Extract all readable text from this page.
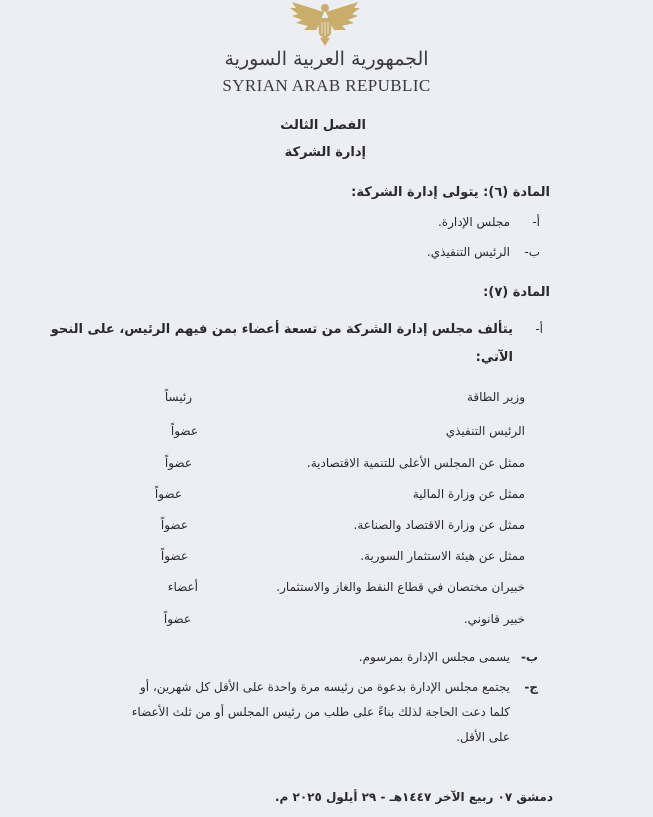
الجمهورية العربية السورية
SYRIAN ARAB REPUBLIC
الفصل الثالث
إدارة الشركة
المادة (٦): يتولى إدارة الشركة:
أ-
مجلس الإدارة.
ب-
الرئيس التنفيذي.
المادة (٧):
أ-
يتألف مجلس إدارة الشركة من تسعة أعضاء بمن فيهم الرئيس، على النحو
الآتي:
وزير الطاقة
رئيساً
الرئيس التنفيذي
عضواً
ممثل عن المجلس الأعلى للتنمية الاقتصادية.
عضواً
ممثل عن وزارة المالية
عضواً
ممثل عن وزارة الاقتصاد والصناعة.
عضواً
ممثل عن هيئة الاستثمار السورية.
عضواً
خبيران مختصان في قطاع النفط والغاز والاستثمار.
أعضاء
خبير قانوني.
عضواً
ب-
يسمى مجلس الإدارة بمرسوم.
ج-
يجتمع مجلس الإدارة بدعوة من رئيسه مرة واحدة على الأقل كل شهرين، أو
كلما دعت الحاجة لذلك بناءً على طلب من رئيس المجلس أو من ثلث الأعضاء
على الأقل.
دمشق ٠٧ ربيع الآخر ١٤٤٧هـ - ٢٩ أيلول ٢٠٢٥ م.
